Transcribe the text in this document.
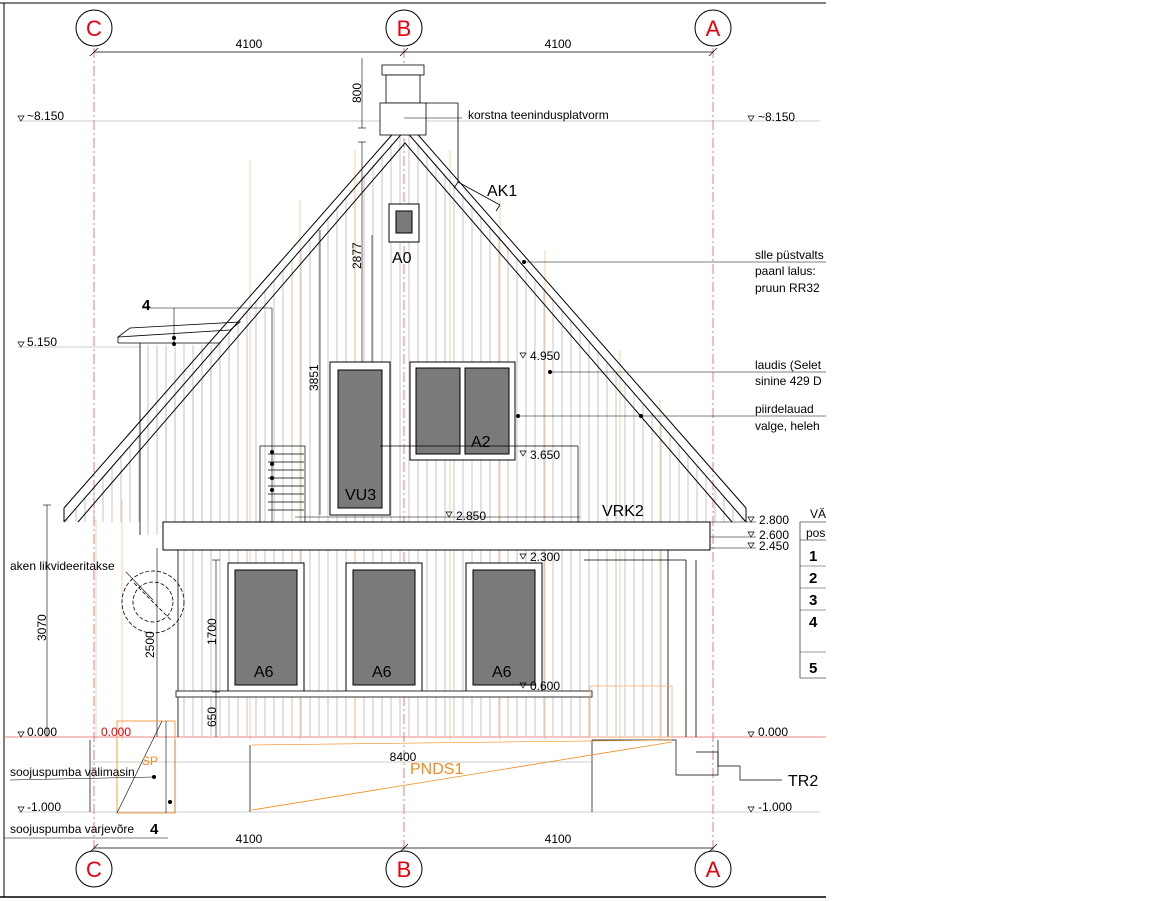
C	B	A
C	B	A
4100	4100
4100	4100
korstna teenindusplatvorm
AK1
A0
800
2877
3851
4
VU3
A2
VRK2
A6	A6	A6
3070
2500	1700
650
aken likvideeritakse
8400
PNDS1
TR2
SP
0.000
soojuspumba välimasin
soojuspumba varjevõre 4
~8.150
5.150
0.000
-1.000
~8.150
2.800
2.600
2.450
0.000
-1.000
4.950
3.650
2.850
2.300
0.600
slle püstvalts
paanl lalus:
pruun RR32
laudis (Selet
sinine 429 D
piirdelauad
valge, heleh
VÄ
pos
1
2
3
4
5
